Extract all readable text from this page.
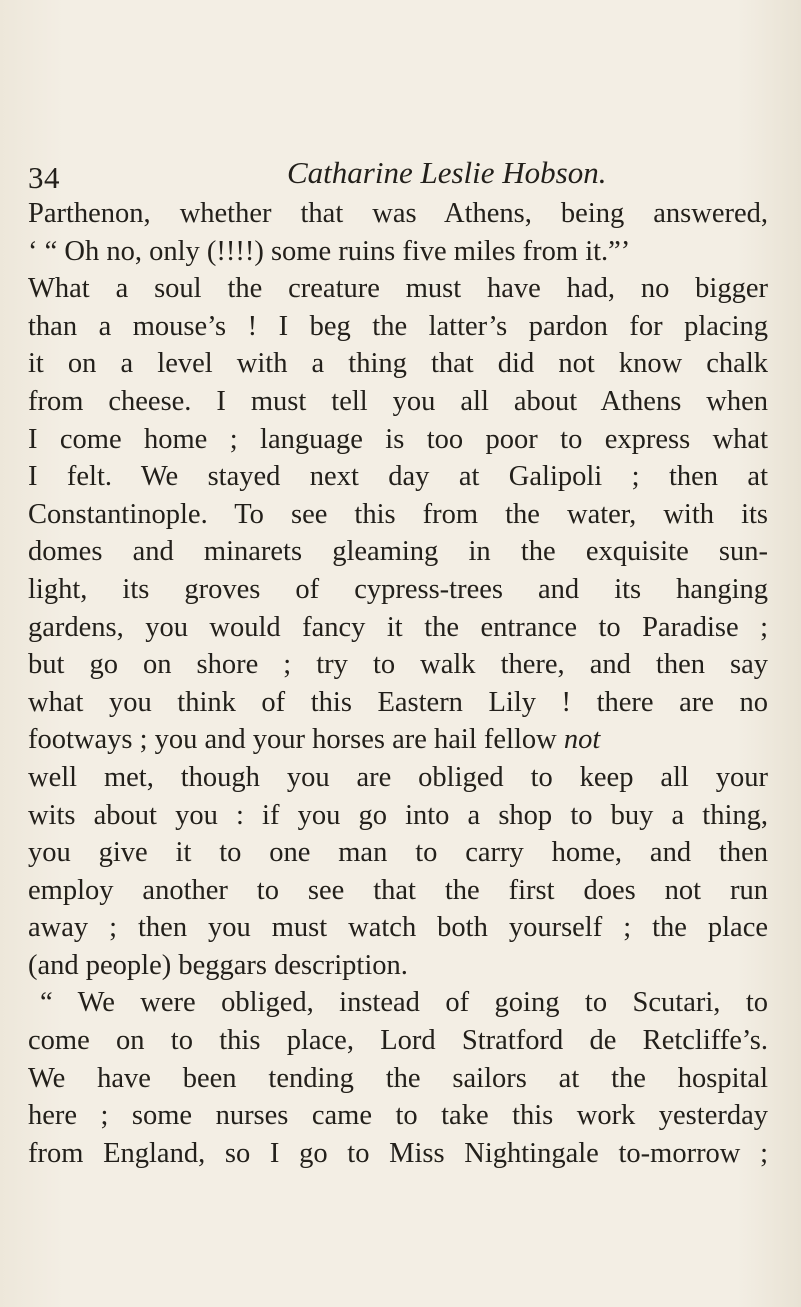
34	Catharine Leslie Hobson.
Parthenon, whether that was Athens, being answered,
‘ “ Oh no, only (!!!!) some ruins five miles from it.”’
What a soul the creature must have had, no bigger
than a mouse’s ! I beg the latter’s pardon for placing
it on a level with a thing that did not know chalk
from cheese. I must tell you all about Athens when
I come home ; language is too poor to express what
I felt. We stayed next day at Galipoli ; then at
Constantinople. To see this from the water, with its
domes and minarets gleaming in the exquisite sun-
light, its groves of cypress-trees and its hanging
gardens, you would fancy it the entrance to Paradise ;
but go on shore ; try to walk there, and then say
what you think of this Eastern Lily ! there are no
footways ; you and your horses are hail fellow not
well met, though you are obliged to keep all your
wits about you : if you go into a shop to buy a thing,
you give it to one man to carry home, and then
employ another to see that the first does not run
away ; then you must watch both yourself ; the place
(and people) beggars description.
“ We were obliged, instead of going to Scutari, to
come on to this place, Lord Stratford de Retcliffe’s.
We have been tending the sailors at the hospital
here ; some nurses came to take this work yesterday
from England, so I go to Miss Nightingale to-morrow ;
